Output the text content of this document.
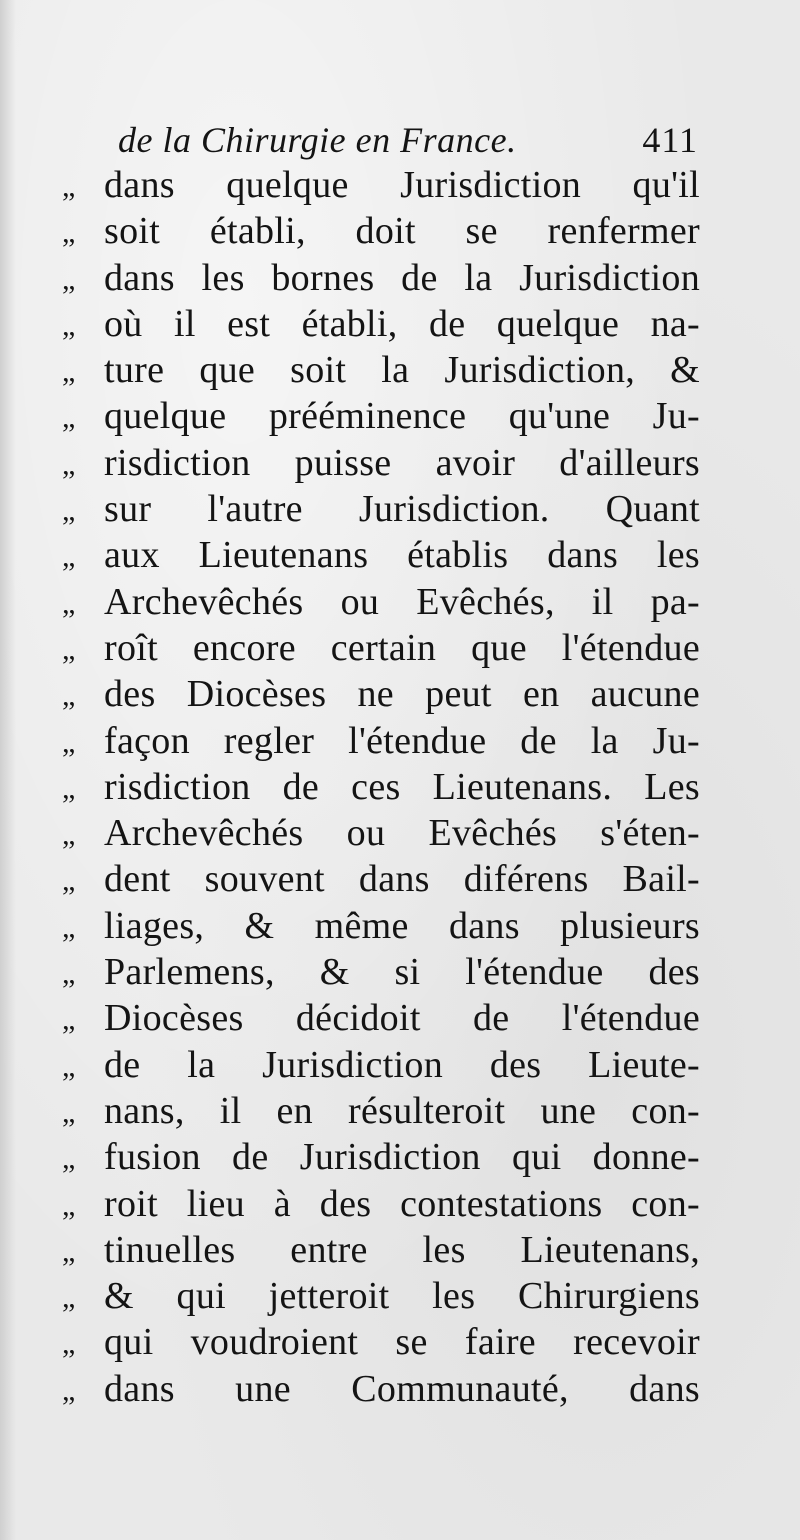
de la Chirurgie en France.	411
„ dans quelque Jurisdiction qu'il
„ soit établi, doit se renfermer
„ dans les bornes de la Jurisdiction
„ où il est établi, de quelque na-
„ ture que soit la Jurisdiction, &
„ quelque prééminence qu'une Ju-
„ risdiction puisse avoir d'ailleurs
„ sur l'autre Jurisdiction. Quant
„ aux Lieutenans établis dans les
„ Archevêchés ou Evêchés, il pa-
„ roît encore certain que l'étendue
„ des Diocèses ne peut en aucune
„ façon regler l'étendue de la Ju-
„ risdiction de ces Lieutenans. Les
„ Archevêchés ou Evêchés s'éten-
„ dent souvent dans diférens Bail-
„ liages, & même dans plusieurs
„ Parlemens, & si l'étendue des
„ Diocèses décidoit de l'étendue
„ de la Jurisdiction des Lieute-
„ nans, il en résulteroit une con-
„ fusion de Jurisdiction qui donne-
„ roit lieu à des contestations con-
„ tinuelles entre les Lieutenans,
„ & qui jetteroit les Chirurgiens
„ qui voudroient se faire recevoir
„ dans une Communauté, dans
